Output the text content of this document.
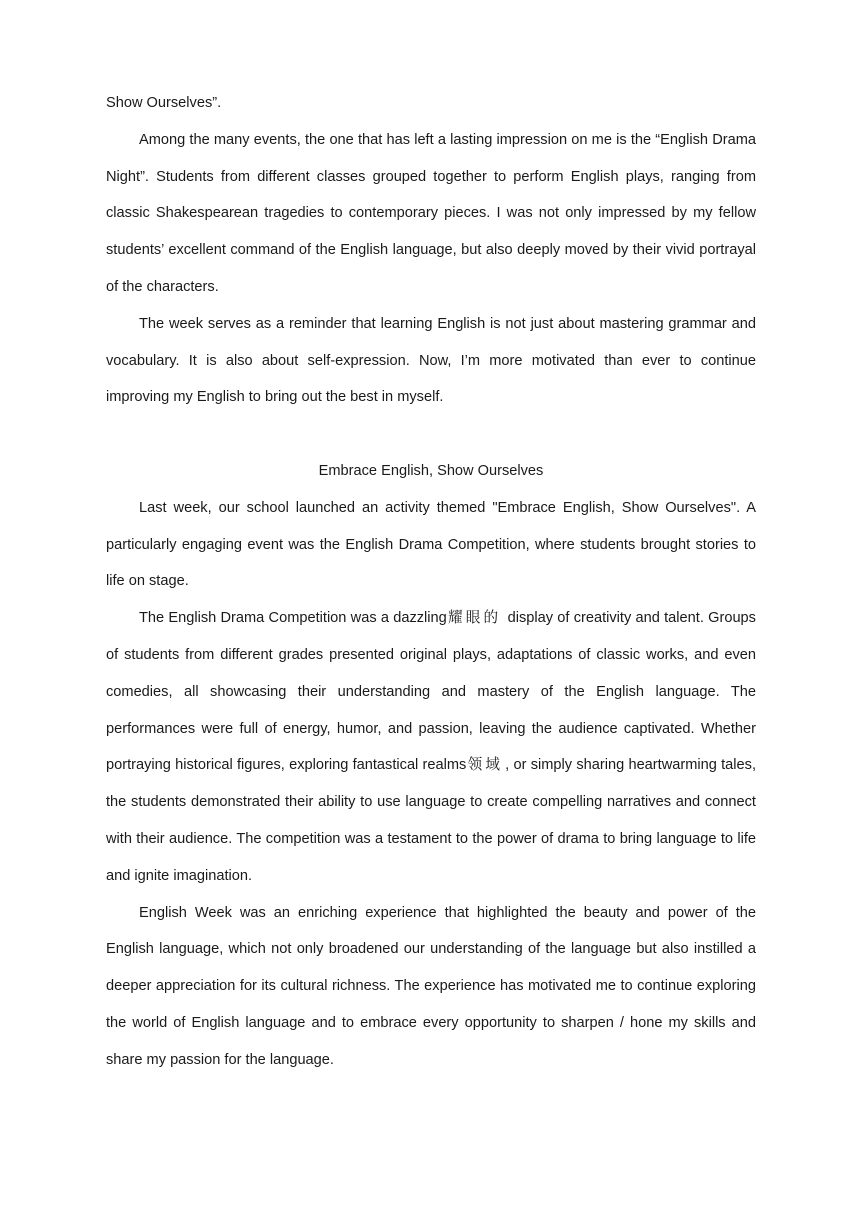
Show Ourselves”.

Among the many events, the one that has left a lasting impression on me is the “English Drama Night”. Students from different classes grouped together to perform English plays, ranging from classic Shakespearean tragedies to contemporary pieces. I was not only impressed by my fellow students’ excellent command of the English language, but also deeply moved by their vivid portrayal of the characters.

The week serves as a reminder that learning English is not just about mastering grammar and vocabulary. It is also about self-expression. Now, I’m more motivated than ever to continue improving my English to bring out the best in myself.

Embrace English, Show Ourselves

Last week, our school launched an activity themed "Embrace English, Show Ourselves". A particularly engaging event was the English Drama Competition, where students brought stories to life on stage.

The English Drama Competition was a dazzling耀眼的 display of creativity and talent. Groups of students from different grades presented original plays, adaptations of classic works, and even comedies, all showcasing their understanding and mastery of the English language. The performances were full of energy, humor, and passion, leaving the audience captivated. Whether portraying historical figures, exploring fantastical realms领域 , or simply sharing heartwarming tales, the students demonstrated their ability to use language to create compelling narratives and connect with their audience. The competition was a testament to the power of drama to bring language to life and ignite imagination.

English Week was an enriching experience that highlighted the beauty and power of the English language, which not only broadened our understanding of the language but also instilled a deeper appreciation for its cultural richness. The experience has motivated me to continue exploring the world of English language and to embrace every opportunity to sharpen / hone my skills and share my passion for the language.
